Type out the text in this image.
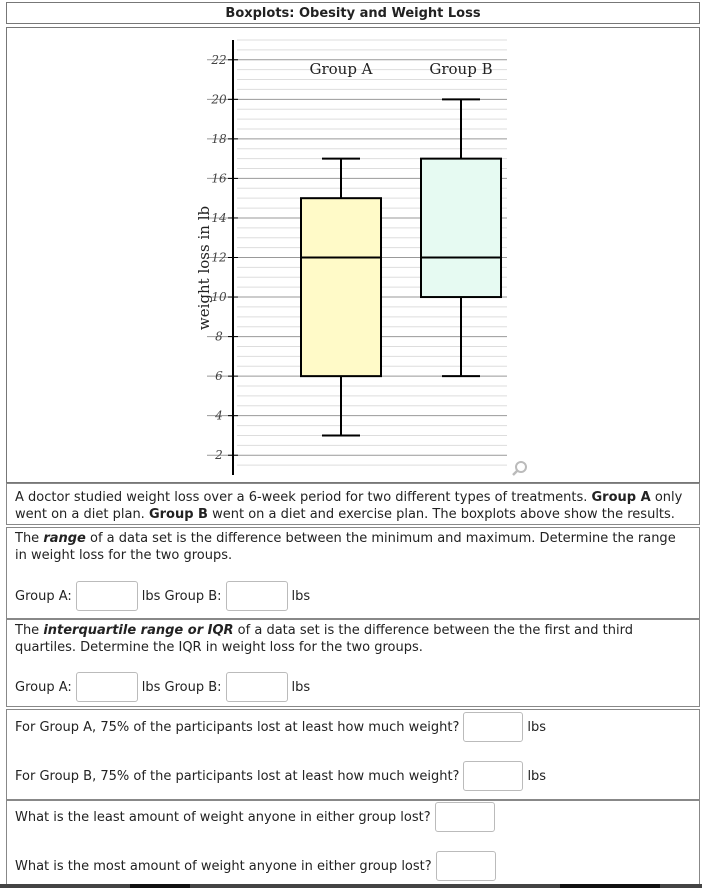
Boxplots: Obesity and Weight Loss
2
4
6
8
10
12
14
16
18
20
22
weight loss in lb
Group A	Group B
A doctor studied weight loss over a 6-week period for two different types of treatments. Group A only went on a diet plan. Group B went on a diet and exercise plan. The boxplots above show the results.
The range of a data set is the difference between the minimum and maximum. Determine the range in weight loss for the two groups.
Group A:	lbs Group B:	lbs
The interquartile range or IQR of a data set is the difference between the the first and third quartiles. Determine the IQR in weight loss for the two groups.
Group A:	lbs Group B:	lbs
For Group A, 75% of the participants lost at least how much weight?	lbs
For Group B, 75% of the participants lost at least how much weight?	lbs
What is the least amount of weight anyone in either group lost?
What is the most amount of weight anyone in either group lost?
